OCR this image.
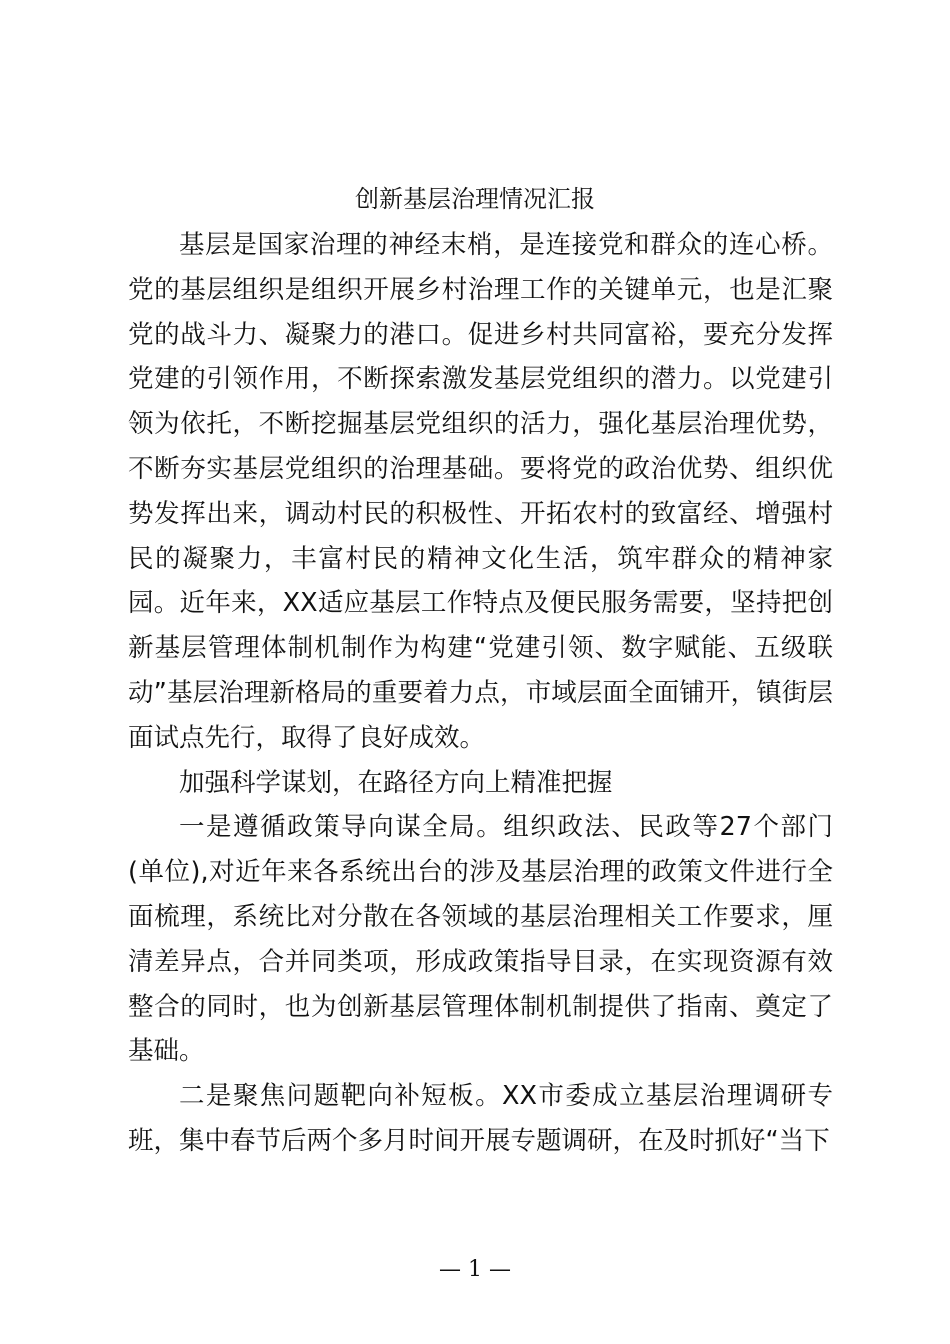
创新基层治理情况汇报

基层是国家治理的神经末梢，是连接党和群众的连心桥。党的基层组织是组织开展乡村治理工作的关键单元，也是汇聚党的战斗力、凝聚力的港口。促进乡村共同富裕，要充分发挥党建的引领作用，不断探索激发基层党组织的潜力。以党建引领为依托，不断挖掘基层党组织的活力，强化基层治理优势，不断夯实基层党组织的治理基础。要将党的政治优势、组织优势发挥出来，调动村民的积极性、开拓农村的致富经、增强村民的凝聚力，丰富村民的精神文化生活，筑牢群众的精神家园。近年来，XX适应基层工作特点及便民服务需要，坚持把创新基层管理体制机制作为构建“党建引领、数字赋能、五级联动”基层治理新格局的重要着力点，市域层面全面铺开，镇街层面试点先行，取得了良好成效。

加强科学谋划，在路径方向上精准把握

一是遵循政策导向谋全局。组织政法、民政等27个部门(单位),对近年来各系统出台的涉及基层治理的政策文件进行全面梳理，系统比对分散在各领域的基层治理相关工作要求，厘清差异点，合并同类项，形成政策指导目录，在实现资源有效整合的同时，也为创新基层管理体制机制提供了指南、奠定了基础。

二是聚焦问题靶向补短板。XX市委成立基层治理调研专班，集中春节后两个多月时间开展专题调研，在及时抓好“当下

— 1 —
